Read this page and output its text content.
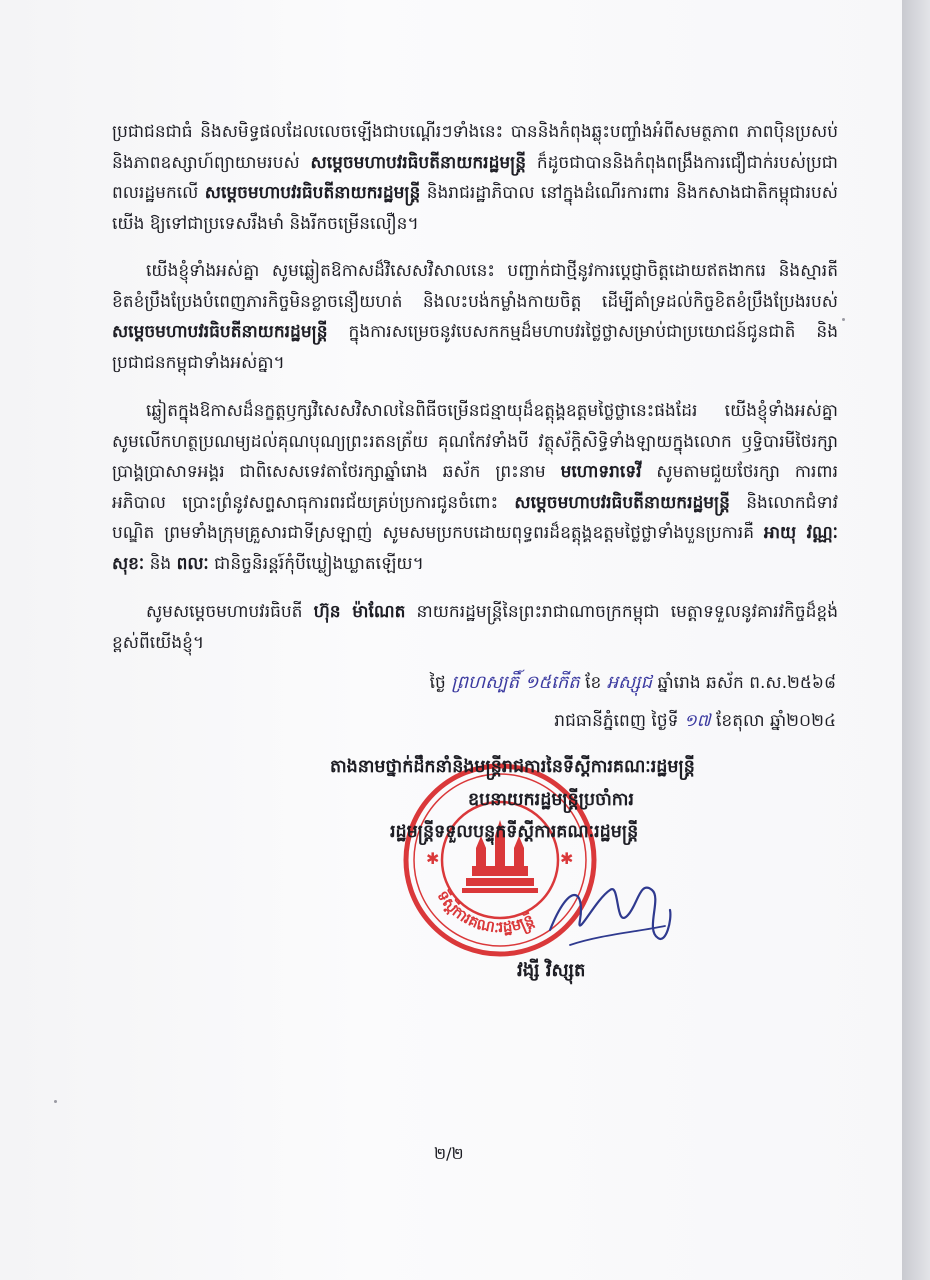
ប្រជាជនជាធំ និងសមិទ្ធផលដែលលេចឡើងជាបណ្ដើរៗទាំងនេះ បាននិងកំពុងឆ្លុះបញ្ចាំងអំពីសមត្ថភាព ភាពប៉ិនប្រសប់ និងភាពឧស្សាហ៍ព្យាយាមរបស់ សម្ដេចមហាបវរធិបតីនាយករដ្ឋមន្ត្រី ក៏ដូចជាបាននិងកំពុងពង្រឹងការជឿជាក់របស់ប្រជាពលរដ្ឋមកលើ សម្ដេចមហាបវរធិបតីនាយករដ្ឋមន្ត្រី និងរាជរដ្ឋាភិបាល នៅក្នុងដំណើរការពារ និងកសាងជាតិកម្ពុជារបស់យើង ឱ្យទៅជាប្រទេសរឹងមាំ និងរីកចម្រើនលឿន។

យើងខ្ញុំទាំងអស់គ្នា សូមឆ្លៀតឱកាសដ៏វិសេសវិសាលនេះ បញ្ជាក់ជាថ្មីនូវការប្ដេជ្ញាចិត្តដោយឥតងាករេ និងស្មារតីខិតខំប្រឹងប្រែងបំពេញភារកិច្ចមិនខ្លាចនឿយហត់ និងលះបង់កម្លាំងកាយចិត្ត ដើម្បីគាំទ្រដល់កិច្ចខិតខំប្រឹងប្រែងរបស់ សម្ដេចមហាបវរធិបតីនាយករដ្ឋមន្ត្រី ក្នុងការសម្រេចនូវបេសកកម្មដ៏មហាបវរថ្លៃថ្លាសម្រាប់ជាប្រយោជន៍ជូនជាតិ និងប្រជាជនកម្ពុជាទាំងអស់គ្នា។

ឆ្លៀតក្នុងឱកាសដ៏នក្ខត្តឫក្សវិសេសវិសាលនៃពិធីចម្រើនជន្មាយុដ៏ឧត្ដុង្គឧត្ដមថ្លៃថ្លានេះផងដែរ យើងខ្ញុំទាំងអស់គ្នាសូមលើកហត្ថប្រណម្យដល់គុណបុណ្យព្រះរតនត្រ័យ គុណកែវទាំងបី វត្ថុស័ក្តិសិទ្ធិទាំងឡាយក្នុងលោក ឫទ្ធិបារមីថៃរក្សាប្រាង្គប្រាសាទអង្គរ ជាពិសេសទេវតាថែរក្សាឆ្នាំរោង ឆស័ក ព្រះនាម មហោទរាទេវី សូមតាមជួយថែរក្សា ការពារ អភិបាល ប្រោះព្រំនូវសព្ទសាធុការពរជ័យគ្រប់ប្រការជូនចំពោះ សម្ដេចមហាបវរធិបតីនាយករដ្ឋមន្ត្រី និងលោកជំទាវបណ្ឌិត ព្រមទាំងក្រុមគ្រួសារជាទីស្រឡាញ់ សូមសមប្រកបដោយពុទ្ធពរដ៏ឧត្ដុង្គឧត្ដមថ្លៃថ្លាទាំងបួនប្រការគឺ អាយុ វណ្ណៈ សុខៈ និង ពលៈ ជានិច្ចនិរន្តរ៍កុំបីឃ្លៀងឃ្លាតឡើយ។

សូមសម្ដេចមហាបវរធិបតី ហ៊ុន ម៉ាណែត នាយករដ្ឋមន្ត្រីនៃព្រះរាជាណាចក្រកម្ពុជា មេត្តាទទួលនូវគារវកិច្ចដ៏ខ្ពង់ខ្ពស់ពីយើងខ្ញុំ។

ថ្ងៃ ព្រហស្បតិ៍ ១៥កើត ខែ អស្សុជ ឆ្នាំរោង ឆស័ក ព.ស.២៥៦៨
រាជធានីភ្នំពេញ ថ្ងៃទី ១៧ ខែតុលា ឆ្នាំ២០២៤
ទីស្ដីការគណៈរដ្ឋមន្ត្រី
✱	✱
តាងនាមថ្នាក់ដឹកនាំនិងមន្ត្រីរាជការនៃទីស្ដីការគណៈរដ្ឋមន្ត្រី
ឧបនាយករដ្ឋមន្ត្រីប្រចាំការ
រដ្ឋមន្ត្រីទទួលបន្ទុកទីស្ដីការគណៈរដ្ឋមន្ត្រី
វង្សី វិស្សុត
២/២
